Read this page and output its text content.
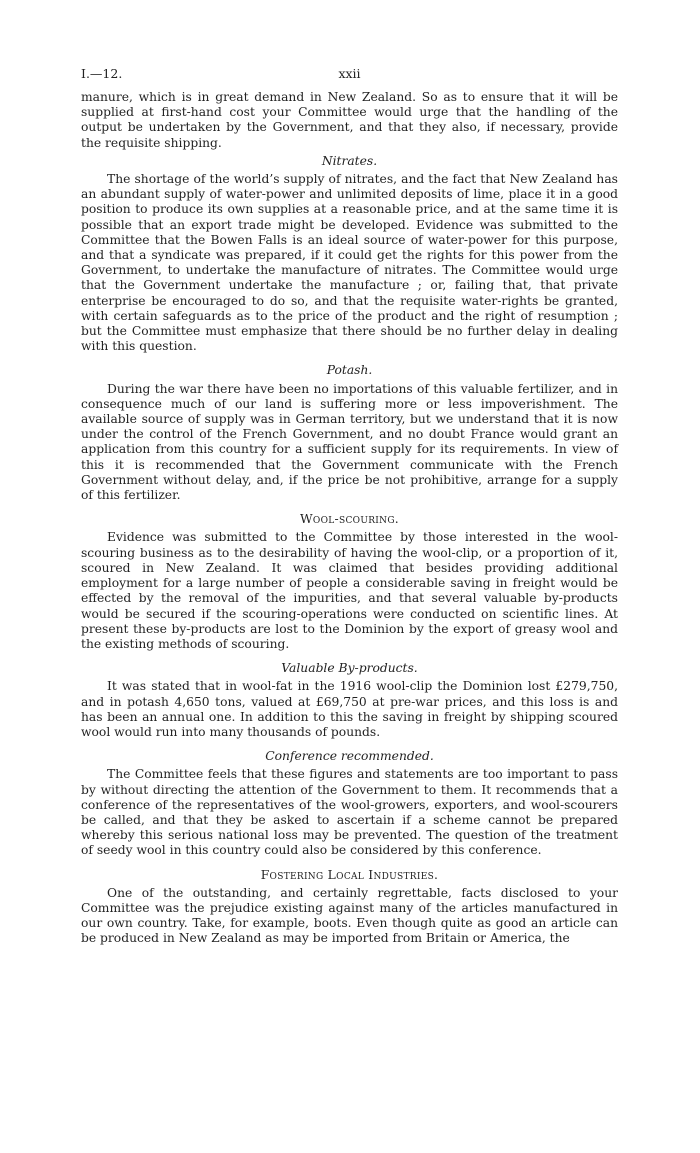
xxii
I.—12.

manure, which is in great demand in New Zealand. So as to ensure that it will be supplied at first-hand cost your Committee would urge that the handling of the output be undertaken by the Government, and that they also, if necessary, provide the requisite shipping.

Nitrates.

The shortage of the world’s supply of nitrates, and the fact that New Zealand has an abundant supply of water-power and unlimited deposits of lime, place it in a good position to produce its own supplies at a reasonable price, and at the same time it is possible that an export trade might be developed. Evidence was submitted to the Committee that the Bowen Falls is an ideal source of water-power for this purpose, and that a syndicate was prepared, if it could get the rights for this power from the Government, to undertake the manufacture of nitrates. The Committee would urge that the Government undertake the manufacture ; or, failing that, that private enterprise be encouraged to do so, and that the requisite water-rights be granted, with certain safeguards as to the price of the product and the right of resumption ; but the Committee must emphasize that there should be no further delay in dealing with this question.

Potash.

During the war there have been no importations of this valuable fertilizer, and in consequence much of our land is suffering more or less impoverishment. The available source of supply was in German territory, but we understand that it is now under the control of the French Government, and no doubt France would grant an application from this country for a sufficient supply for its requirements. In view of this it is recommended that the Government communicate with the French Government without delay, and, if the price be not prohibitive, arrange for a supply of this fertilizer.

Wool-scouring.

Evidence was submitted to the Committee by those interested in the wool-scouring business as to the desirability of having the wool-clip, or a proportion of it, scoured in New Zealand. It was claimed that besides providing additional employment for a large number of people a considerable saving in freight would be effected by the removal of the impurities, and that several valuable by-products would be secured if the scouring-operations were conducted on scientific lines. At present these by-products are lost to the Dominion by the export of greasy wool and the existing methods of scouring.

Valuable By-products.

It was stated that in wool-fat in the 1916 wool-clip the Dominion lost £279,750, and in potash 4,650 tons, valued at £69,750 at pre-war prices, and this loss is and has been an annual one. In addition to this the saving in freight by shipping scoured wool would run into many thousands of pounds.

Conference recommended.

The Committee feels that these figures and statements are too important to pass by without directing the attention of the Government to them. It recommends that a conference of the representatives of the wool-growers, exporters, and wool-scourers be called, and that they be asked to ascertain if a scheme cannot be prepared whereby this serious national loss may be prevented. The question of the treatment of seedy wool in this country could also be considered by this conference.

Fostering Local Industries.

One of the outstanding, and certainly regrettable, facts disclosed to your Committee was the prejudice existing against many of the articles manufactured in our own country. Take, for example, boots. Even though quite as good an article can be produced in New Zealand as may be imported from Britain or America, the
